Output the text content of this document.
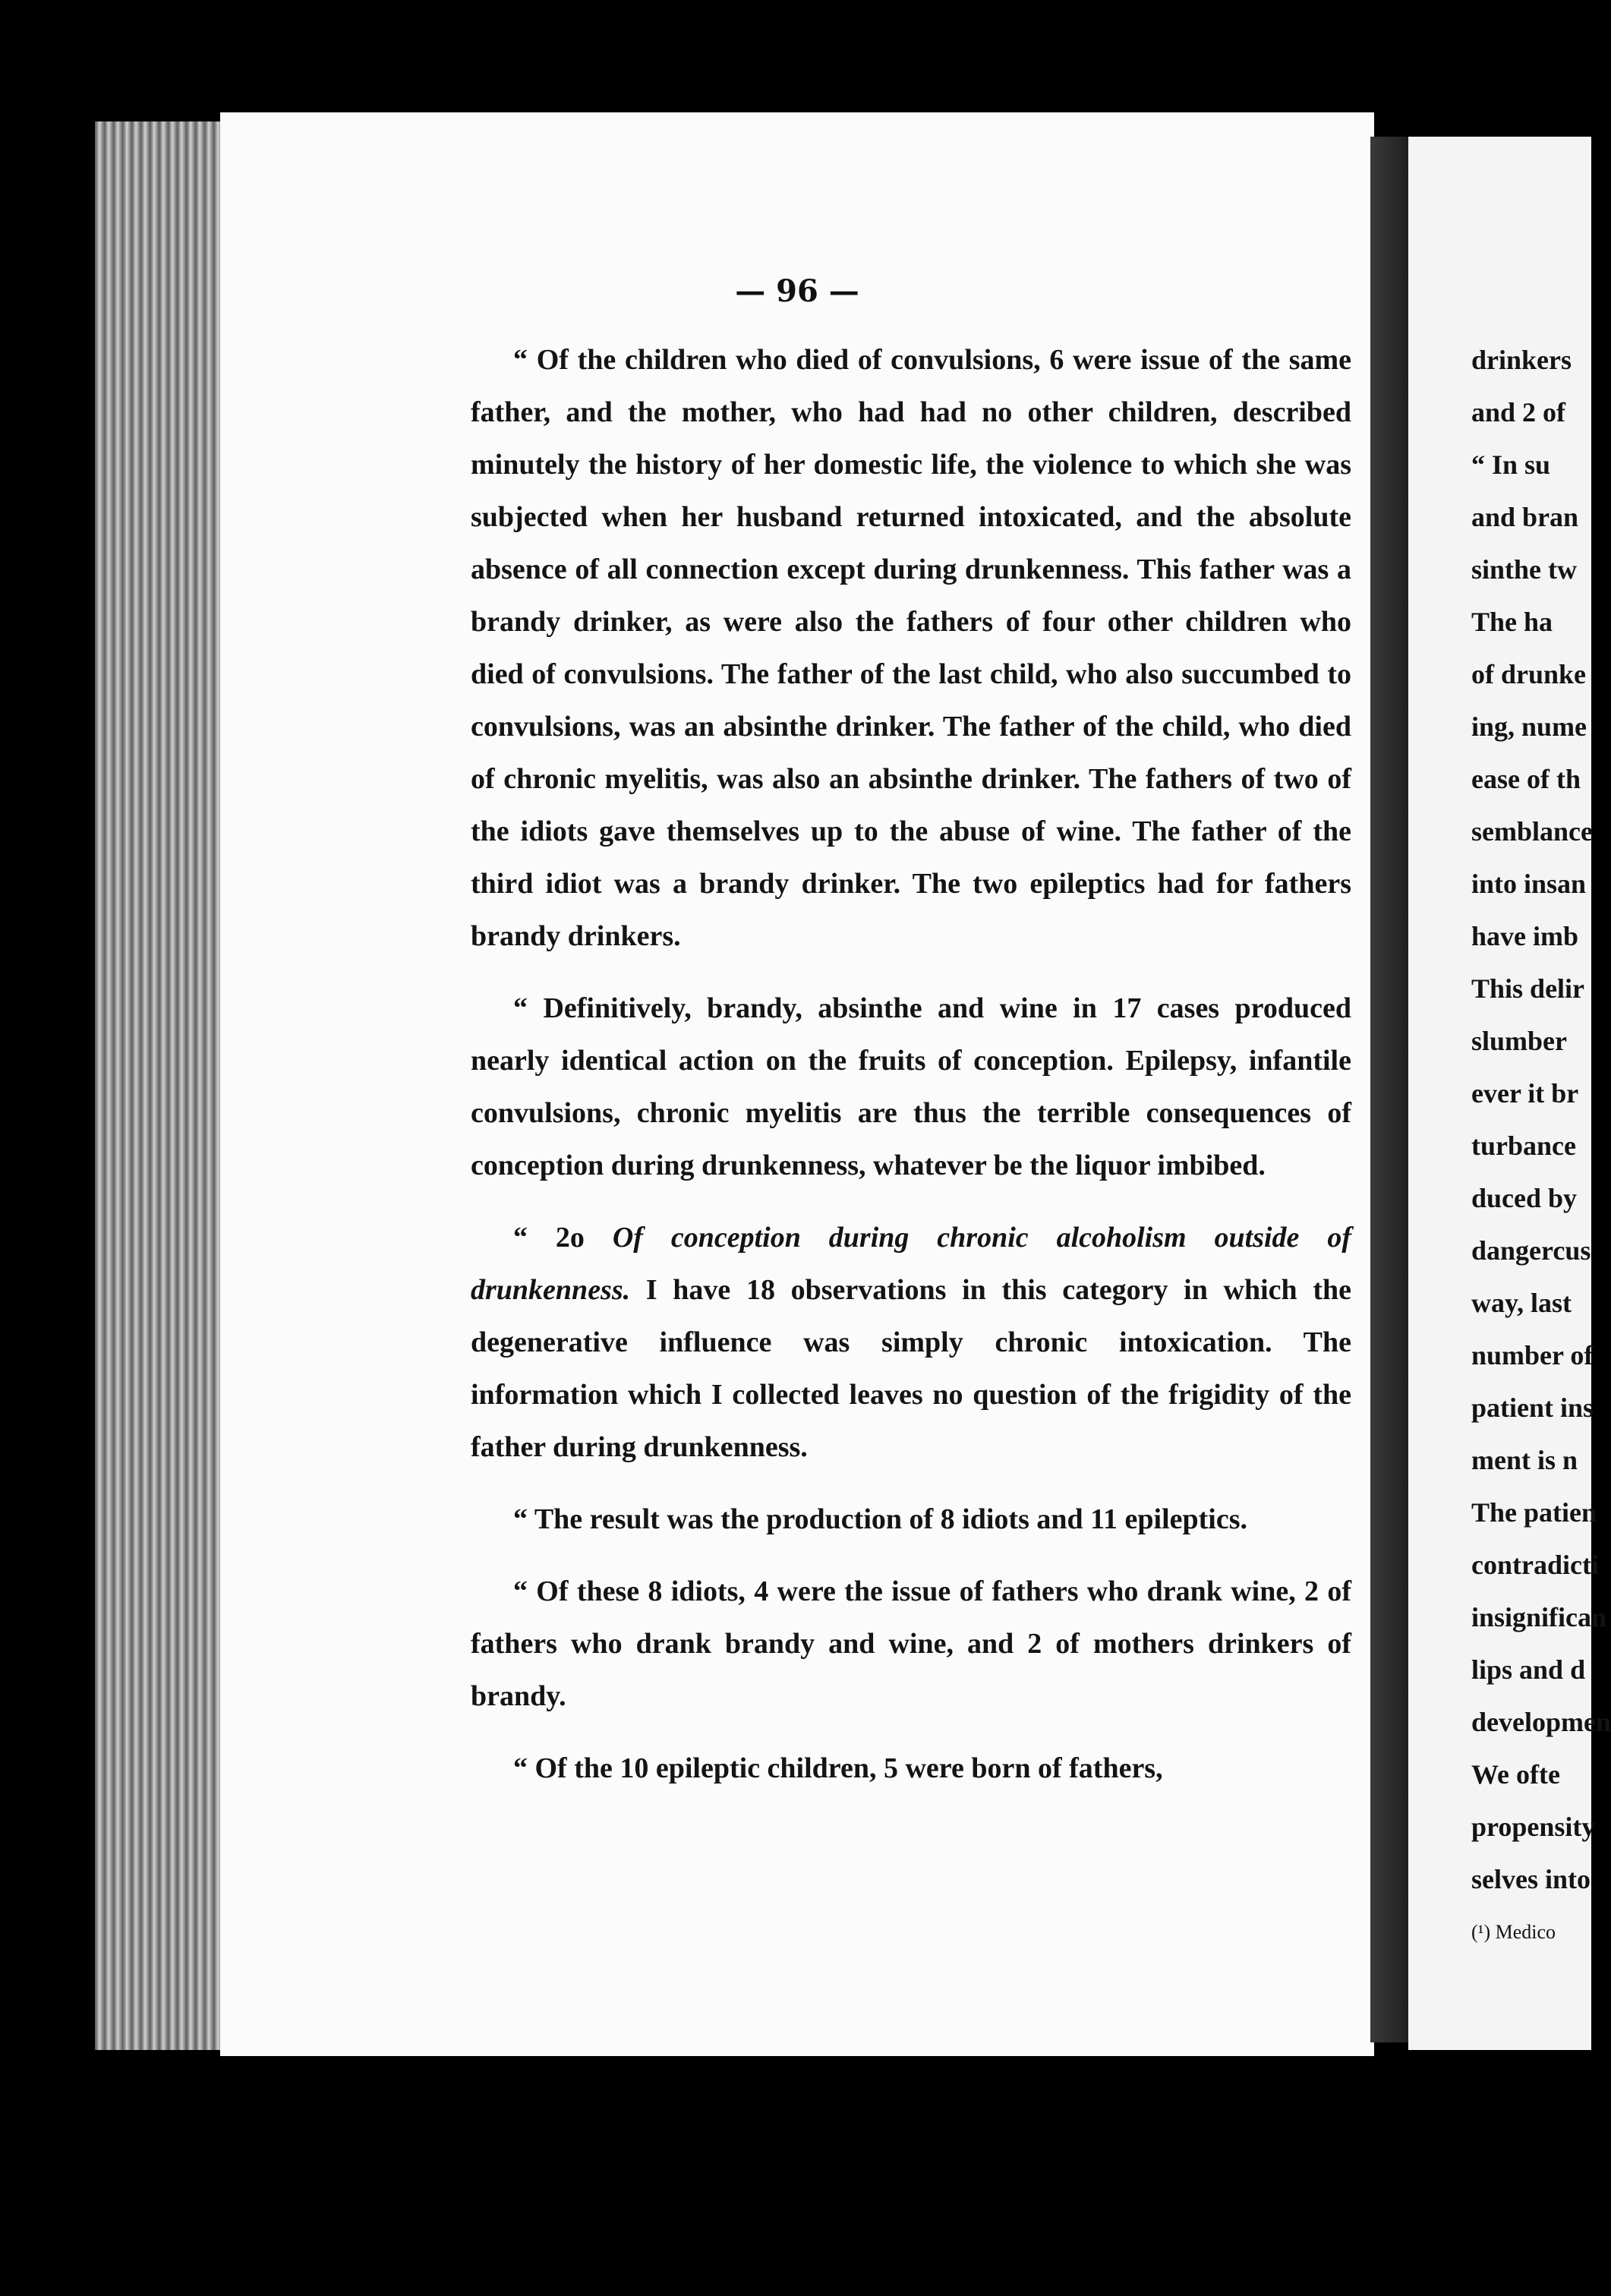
— 96 —

“ Of the children who died of convulsions, 6 were issue of the same father, and the mother, who had had no other children, described minutely the history of her domestic life, the violence to which she was subjected when her husband returned intoxicated, and the absolute absence of all connection except during drunkenness. This father was a brandy drinker, as were also the fathers of four other children who died of convulsions. The father of the last child, who also succumbed to convulsions, was an absinthe drinker. The father of the child, who died of chronic myelitis, was also an absinthe drinker. The fathers of two of the idiots gave themselves up to the abuse of wine. The father of the third idiot was a brandy drinker. The two epileptics had for fathers brandy drinkers.

“ Definitively, brandy, absinthe and wine in 17 cases produced nearly identical action on the fruits of conception. Epilepsy, infantile convulsions, chronic myelitis are thus the terrible consequences of conception during drunkenness, whatever be the liquor imbibed.

“ 2o Of conception during chronic alcoholism outside of drunkenness. I have 18 observations in this category in which the degenerative influence was simply chronic intoxication. The information which I collected leaves no question of the frigidity of the father during drunkenness.

“ The result was the production of 8 idiots and 11 epileptics.

“ Of these 8 idiots, 4 were the issue of fathers who drank wine, 2 of fathers who drank brandy and wine, and 2 of mothers drinkers of brandy.

“ Of the 10 epileptic children, 5 were born of fathers,

drinkers
and 2 of
“ In su
and bran
sinthe tw
The ha
of drunke
ing, nume
ease of th
semblance
into insan
have imb
This delir
slumber
ever it br
turbance
duced by
dangercus
way, last
number of
patient ins
ment is n
The patien
contradicti
insignifican
lips and d
developmen
We ofte
propensity
selves into
(¹) Medico
